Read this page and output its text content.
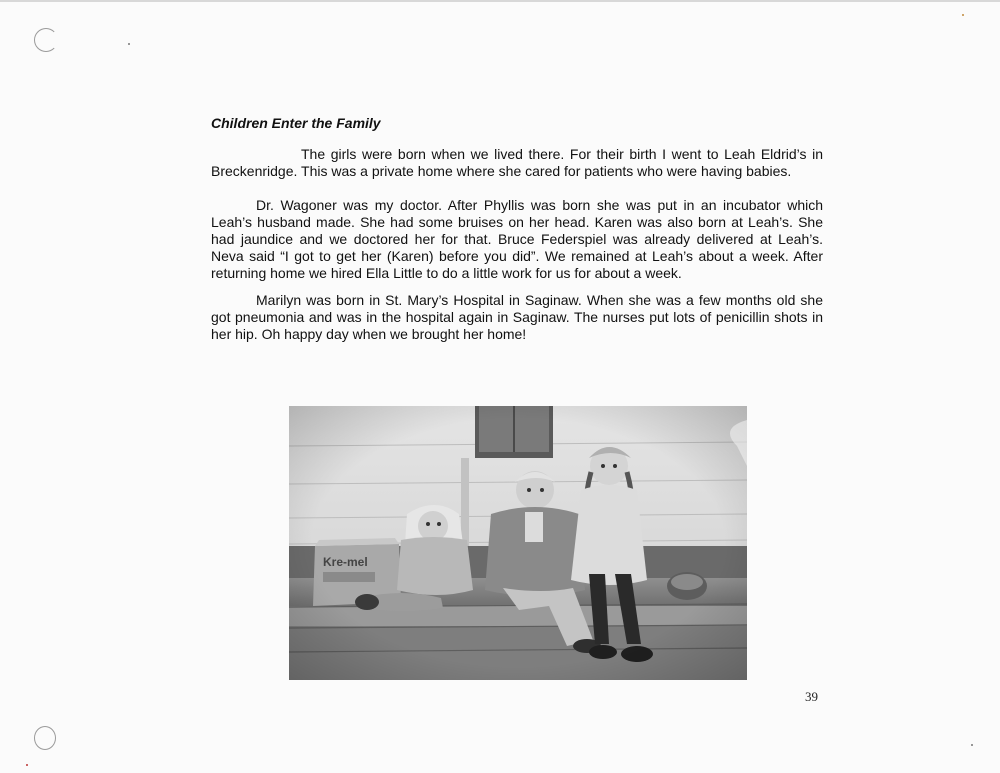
Children Enter the Family

The girls were born when we lived there. For their birth I went to Leah Eldrid’s in Breckenridge. This was a private home where she cared for patients who were having babies.

Dr. Wagoner was my doctor. After Phyllis was born she was put in an incubator which Leah’s husband made. She had some bruises on her head. Karen was also born at Leah’s. She had jaundice and we doctored her for that. Bruce Federspiel was already delivered at Leah’s. Neva said “I got to get her (Karen) before you did”. We remained at Leah’s about a week. After returning home we hired Ella Little to do a little work for us for about a week.

Marilyn was born in St. Mary’s Hospital in Saginaw. When she was a few months old she got pneumonia and was in the hospital again in Saginaw. The nurses put lots of penicillin shots in her hip. Oh happy day when we brought her home!

39
